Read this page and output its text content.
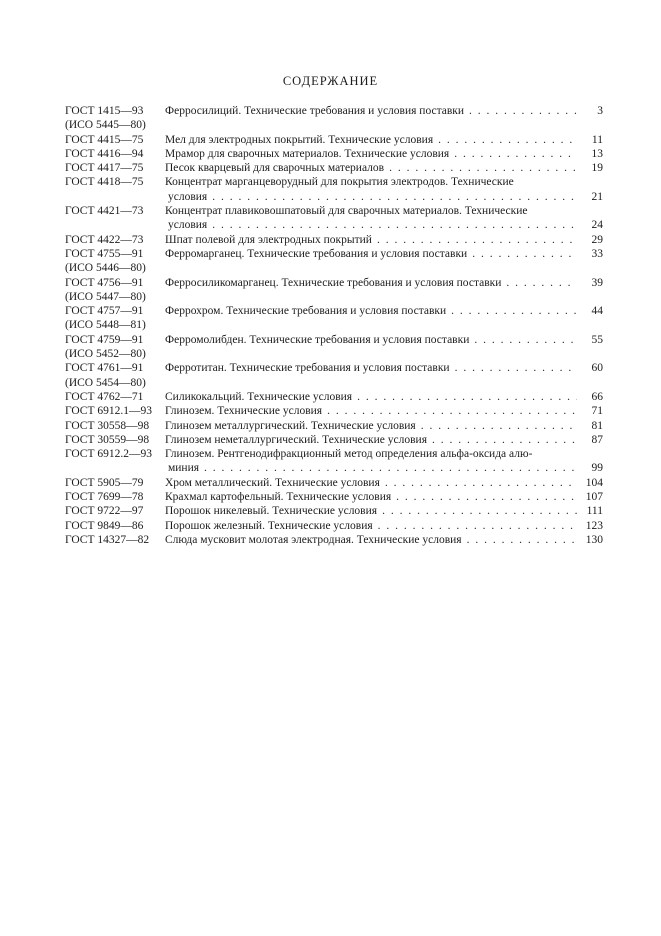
СОДЕРЖАНИЕ
ГОСТ 1415—93	Ферросилиций. Технические требования и условия поставки . . .	3
(ИСО 5445—80)
ГОСТ 4415—75	Мел для электродных покрытий. Технические условия . . .	11
ГОСТ 4416—94	Мрамор для сварочных материалов. Технические условия . . .	13
ГОСТ 4417—75	Песок кварцевый для сварочных материалов . . .	19
ГОСТ 4418—75	Концентрат марганцеворудный для покрытия электродов. Технические
условия . . .	21
ГОСТ 4421—73	Концентрат плавиковошпатовый для сварочных материалов. Технические
условия . . .	24
ГОСТ 4422—73	Шпат полевой для электродных покрытий . . .	29
ГОСТ 4755—91	Ферромарганец. Технические требования и условия поставки . . .	33
(ИСО 5446—80)
ГОСТ 4756—91	Ферросиликомарганец. Технические требования и условия поставки . . .	39
(ИСО 5447—80)
ГОСТ 4757—91	Феррохром. Технические требования и условия поставки . . .	44
(ИСО 5448—81)
ГОСТ 4759—91	Ферромолибден. Технические требования и условия поставки . . .	55
(ИСО 5452—80)
ГОСТ 4761—91	Ферротитан. Технические требования и условия поставки . . .	60
(ИСО 5454—80)
ГОСТ 4762—71	Силикокальций. Технические условия . . .	66
ГОСТ 6912.1—93	Глинозем. Технические условия . . .	71
ГОСТ 30558—98	Глинозем металлургический. Технические условия . . .	81
ГОСТ 30559—98	Глинозем неметаллургический. Технические условия . . .	87
ГОСТ 6912.2—93	Глинозем. Рентгенодифракционный метод определения альфа-оксида алю-
миния . . .	99
ГОСТ 5905—79	Хром металлический. Технические условия . . .	104
ГОСТ 7699—78	Крахмал картофельный. Технические условия . . .	107
ГОСТ 9722—97	Порошок никелевый. Технические условия . . .	111
ГОСТ 9849—86	Порошок железный. Технические условия . . .	123
ГОСТ 14327—82	Слюда мусковит молотая электродная. Технические условия . . .	130
